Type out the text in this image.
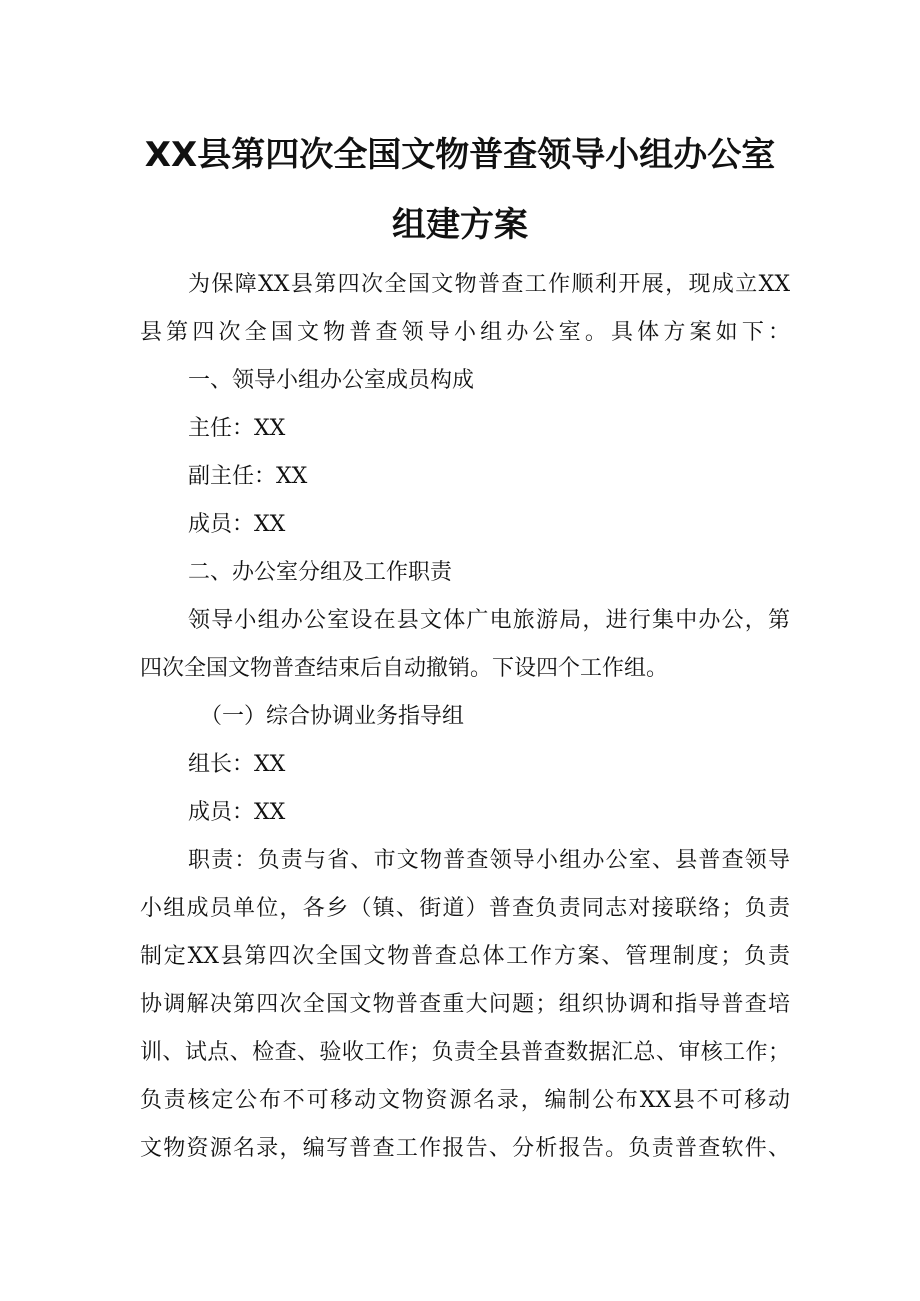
XX县第四次全国文物普查领导小组办公室
组建方案
为保障XX县第四次全国文物普查工作顺利开展，现成立XX
县第四次全国文物普查领导小组办公室。具体方案如下：
一、领导小组办公室成员构成
主任：XX
副主任：XX
成员：XX
二、办公室分组及工作职责
领导小组办公室设在县文体广电旅游局，进行集中办公，第
四次全国文物普查结束后自动撤销。下设四个工作组。
（一）综合协调业务指导组
组长：XX
成员：XX
职责：负责与省、市文物普查领导小组办公室、县普查领导
小组成员单位，各乡（镇、街道）普查负责同志对接联络；负责
制定XX县第四次全国文物普查总体工作方案、管理制度；负责
协调解决第四次全国文物普查重大问题；组织协调和指导普查培
训、试点、检查、验收工作；负责全县普查数据汇总、审核工作；
负责核定公布不可移动文物资源名录，编制公布XX县不可移动
文物资源名录，编写普查工作报告、分析报告。负责普查软件、
